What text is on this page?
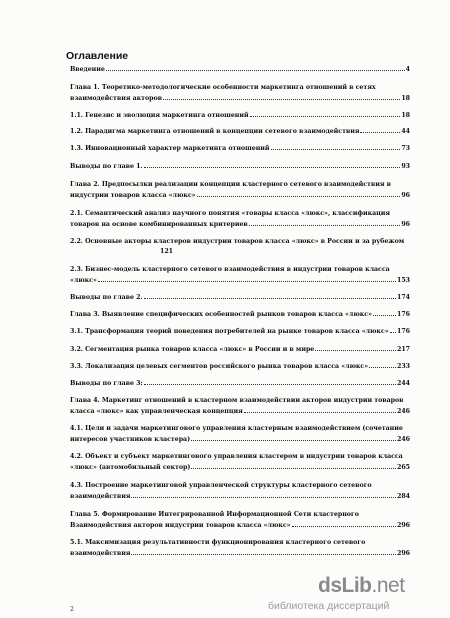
Оглавление
Введение	4
Глава 1. Теоретико-методологические особенности маркетинга отношений в сетях
взаимодействия акторов	18
1.1. Генезис и эволюция маркетинга отношений	18
1.2. Парадигма маркетинга отношений в концепции сетевого взаимодействия	44
1.3. Инновационный характер маркетинга отношений	73
Выводы по главе 1.	93
Глава 2. Предпосылки реализации концепции кластерного сетевого взаимодействия в
индустрии товаров класса «люкс»	96
2.1. Семантический анализ научного понятия «товары класса «люкс», классификация
товаров на основе комбинированных критериев	96
2.2. Основные акторы кластеров индустрии товаров класса «люкс» в России и за рубежом
121
2.3. Бизнес-модель кластерного сетевого взаимодействия в индустрии товаров класса
«люкс»	153
Выводы по главе 2.	174
Глава 3. Выявление специфических особенностей рынков товаров класса «люкс»	176
3.1. Трансформация теорий поведения потребителей на рынке товаров класса «люкс» 176
3.2. Сегментация рынка товаров класса «люкс» в России и в мире	217
3.3. Локализация целевых сегментов российского рынка товаров класса «люкс»	233
Выводы по главе 3:	244
Глава 4. Маркетинг отношений в кластерном взаимодействии акторов индустрии товаров
класса «люкс» как управленческая концепция	246
4.1. Цели и задачи маркетингового управления кластерным взаимодействием (сочетание
интересов участников кластера)	246
4.2. Объект и субъект маркетингового управления кластером в индустрии товаров класса
«люкс» (автомобильный сектор)	265
4.3. Построение маркетинговой управленческой структуры кластерного сетевого
взаимодействия	284
Глава 5. Формирование Интегрированной Информационной Сети кластерного
Взаимодействия акторов индустрии товаров класса «люкс»	296
5.1. Максимизация результативности функционирования кластерного сетевого
взаимодействия	296
2
dsLib.net
библиотека диссертаций
